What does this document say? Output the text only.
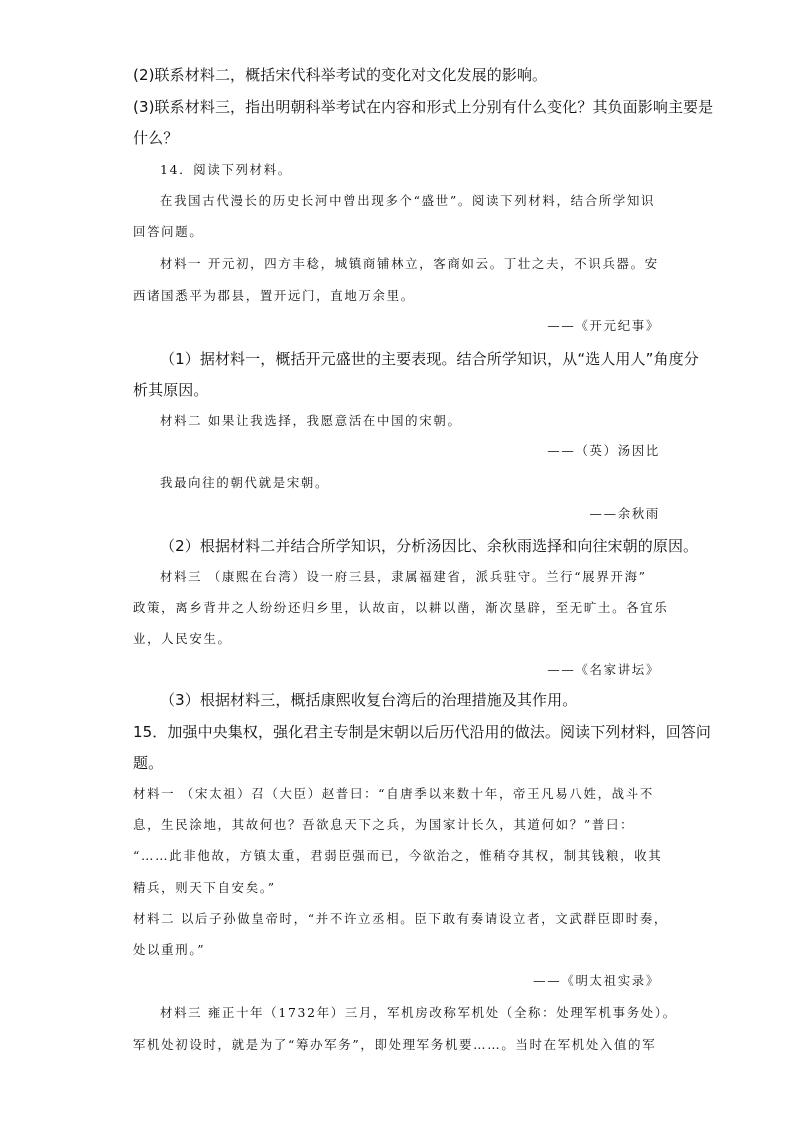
(2)联系材料二，概括宋代科举考试的变化对文化发展的影响。
(3)联系材料三，指出明朝科举考试在内容和形式上分别有什么变化？其负面影响主要是
什么？
14．阅读下列材料。
在我国古代漫长的历史长河中曾出现多个“盛世”。阅读下列材料，结合所学知识
回答问题。
材料一 开元初，四方丰稔，城镇商铺林立，客商如云。丁壮之夫，不识兵器。安
西诸国悉平为郡县，置开远门，直地万余里。
——《开元纪事》
（1）据材料一，概括开元盛世的主要表现。结合所学知识，从“选人用人”角度分
析其原因。
材料二 如果让我选择，我愿意活在中国的宋朝。
——（英）汤因比
我最向往的朝代就是宋朝。
——余秋雨
（2）根据材料二并结合所学知识，分析汤因比、余秋雨选择和向往宋朝的原因。
材料三 （康熙在台湾）设一府三县，隶属福建省，派兵驻守。兰行“展界开海”
政策，离乡背井之人纷纷还归乡里，认故亩，以耕以凿，渐次垦辟，至无旷土。各宜乐
业，人民安生。
——《名家讲坛》
（3）根据材料三，概括康熙收复台湾后的治理措施及其作用。
15．加强中央集权，强化君主专制是宋朝以后历代沿用的做法。阅读下列材料，回答问
题。
材料一 （宋太祖）召（大臣）赵普曰：“自唐季以来数十年，帝王凡易八姓，战斗不
息，生民涂地，其故何也？吾欲息天下之兵，为国家计长久，其道何如？”普曰：
“……此非他故，方镇太重，君弱臣强而已，今欲治之，惟稍夺其权，制其钱粮，收其
精兵，则天下自安矣。”
材料二 以后子孙做皇帝时，“并不许立丞相。臣下敢有奏请设立者，文武群臣即时奏，
处以重刑。”
——《明太祖实录》
材料三 雍正十年（1732年）三月，军机房改称军机处（全称：处理军机事务处）。
军机处初设时，就是为了“筹办军务”，即处理军务机要……。当时在军机处入值的军
